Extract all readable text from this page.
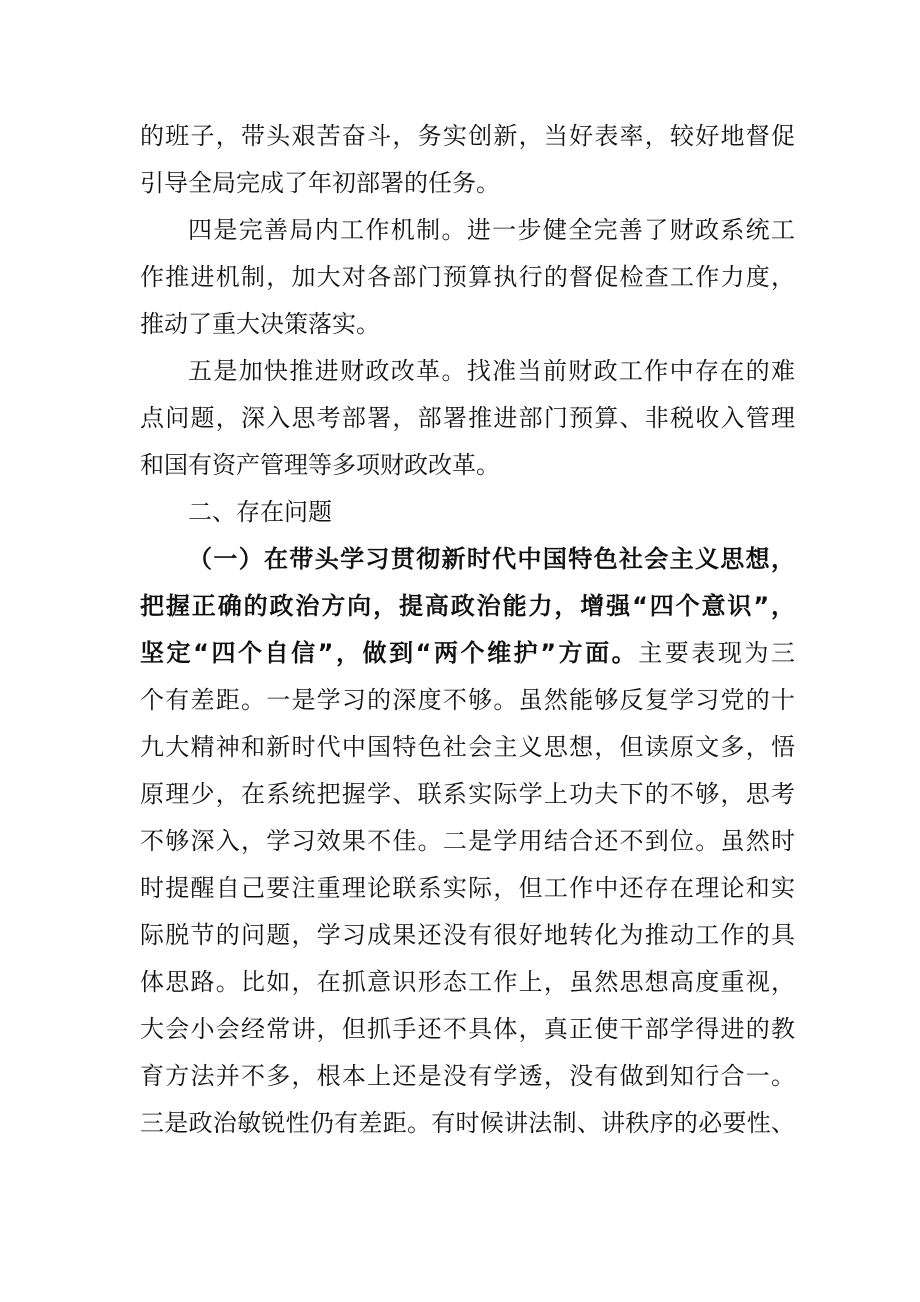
的班子，带头艰苦奋斗，务实创新，当好表率，较好地督促
引导全局完成了年初部署的任务。
四是完善局内工作机制。进一步健全完善了财政系统工
作推进机制，加大对各部门预算执行的督促检查工作力度，
推动了重大决策落实。
五是加快推进财政改革。找准当前财政工作中存在的难
点问题，深入思考部署，部署推进部门预算、非税收入管理
和国有资产管理等多项财政改革。
二、存在问题
（一）在带头学习贯彻新时代中国特色社会主义思想，
把握正确的政治方向，提高政治能力，增强“四个意识”，
坚定“四个自信”，做到“两个维护”方面。主要表现为三
个有差距。一是学习的深度不够。虽然能够反复学习党的十
九大精神和新时代中国特色社会主义思想，但读原文多，悟
原理少，在系统把握学、联系实际学上功夫下的不够，思考
不够深入，学习效果不佳。二是学用结合还不到位。虽然时
时提醒自己要注重理论联系实际，但工作中还存在理论和实
际脱节的问题，学习成果还没有很好地转化为推动工作的具
体思路。比如，在抓意识形态工作上，虽然思想高度重视，
大会小会经常讲，但抓手还不具体，真正使干部学得进的教
育方法并不多，根本上还是没有学透，没有做到知行合一。
三是政治敏锐性仍有差距。有时候讲法制、讲秩序的必要性、
